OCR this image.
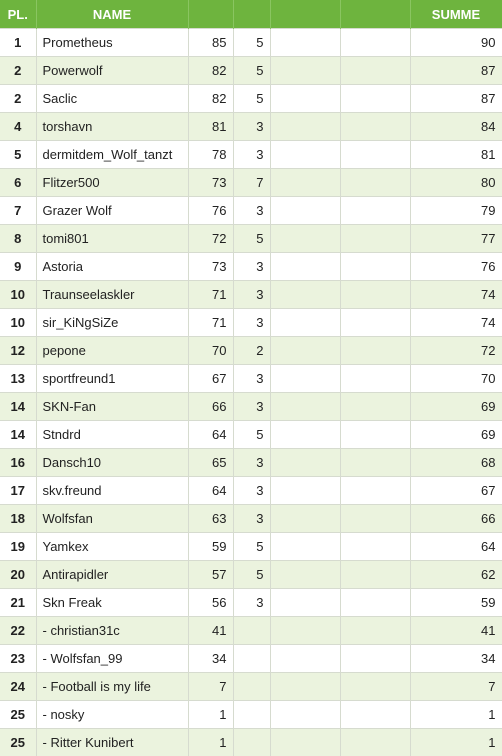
PL.	NAME					SUMME
1	Prometheus	85	5			90
2	Powerwolf	82	5			87
2	Saclic	82	5			87
4	torshavn	81	3			84
5	dermitdem_Wolf_tanzt	78	3			81
6	Flitzer500	73	7			80
7	Grazer Wolf	76	3			79
8	tomi801	72	5			77
9	Astoria	73	3			76
10	Traunseelaskler	71	3			74
10	sir_KiNgSiZe	71	3			74
12	pepone	70	2			72
13	sportfreund1	67	3			70
14	SKN-Fan	66	3			69
14	Stndrd	64	5			69
16	Dansch10	65	3			68
17	skv.freund	64	3			67
18	Wolfsfan	63	3			66
19	Yamkex	59	5			64
20	Antirapidler	57	5			62
21	Skn Freak	56	3			59
22	- christian31c	41				41
23	- Wolfsfan_99	34				34
24	- Football is my life	7				7
25	- nosky	1				1
25	- Ritter Kunibert	1				1
